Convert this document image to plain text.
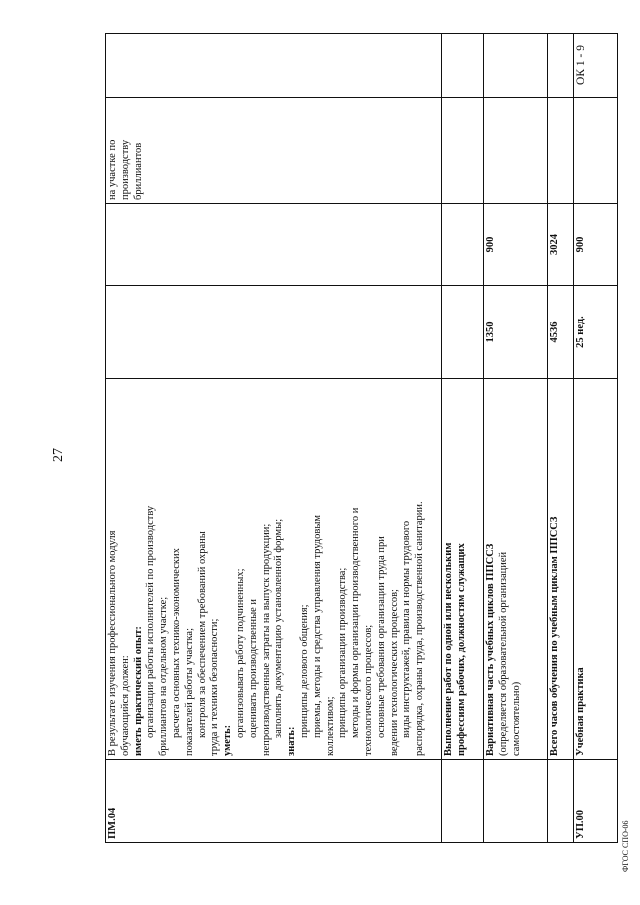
27
ФГОС СПО-06
ПМ.04
В результате изучения профессионального модуля обучающийся должен: иметь практический опыт: организации работы исполнителей по производству бриллиантов на отдельном участке; расчета основных технико-экономических показателей работы участка; контроля за обеспечением требований охраны труда и техники безопасности; уметь:
организовывать работу подчиненных; оценивать производственные и непроизводственные затраты на выпуск продукции; заполнять документацию установленной формы;
знать:
принципы делового общения; приемы, методы и средства управления трудовым коллективом; принципы организации производства; методы и формы организации производственного и технологического процессов; основные требования организации труда при ведении технологических процессов; виды инструктажей, правила и нормы трудового распорядка, охраны труда, производственной санитарии.
на участке по производству бриллиантов
Выполнение работ по одной или нескольким профессиям рабочих, должностям служащих Вариативная часть учебных циклов ППССЗ (определяется образовательной организацией самостоятельно)
1350
900
Всего часов обучения по учебным циклам ППССЗ
4536
3024
УП.00
Учебная практика
25 нед.
900
ОК 1 - 9
